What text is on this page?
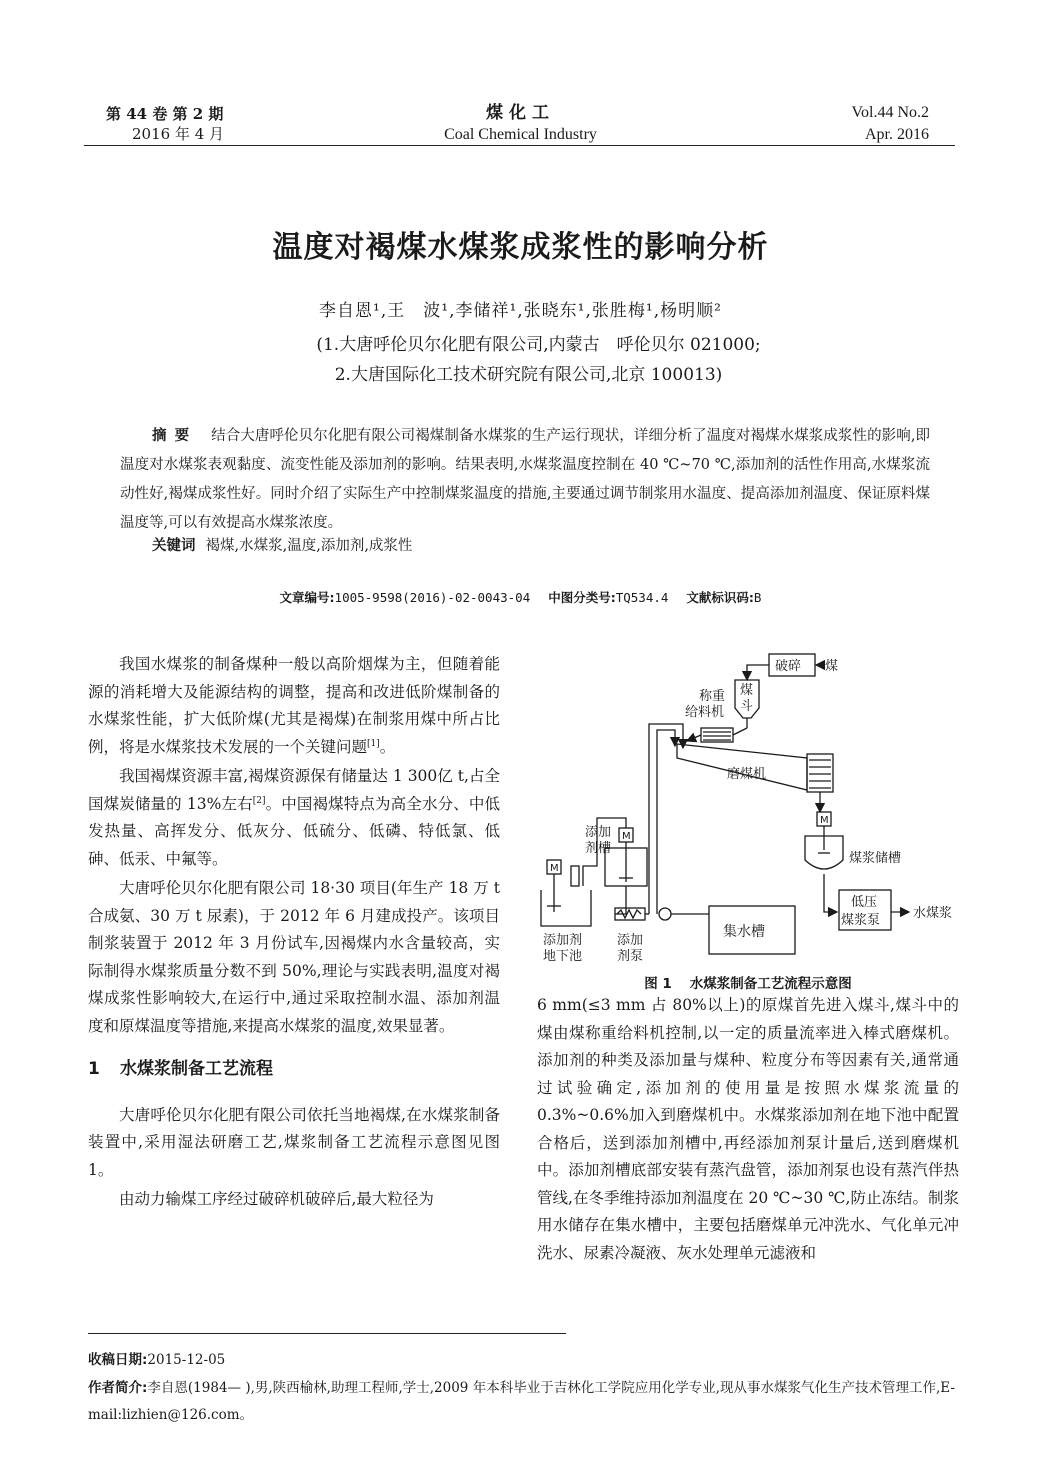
第 44 卷 第 2 期
2016 年 4 月
煤化工
Coal Chemical Industry
Vol.44 No.2
Apr. 2016
温度对褐煤水煤浆成浆性的影响分析
李自恩¹,王　波¹,李储祥¹,张晓东¹,张胜梅¹,杨明顺²
(1.大唐呼伦贝尔化肥有限公司,内蒙古　呼伦贝尔 021000;
2.大唐国际化工技术研究院有限公司,北京 100013)
摘要 结合大唐呼伦贝尔化肥有限公司褐煤制备水煤浆的生产运行现状，详细分析了温度对褐煤水煤浆成浆性的影响,即温度对水煤浆表观黏度、流变性能及添加剂的影响。结果表明,水煤浆温度控制在 40 ℃~70 ℃,添加剂的活性作用高,水煤浆流动性好,褐煤成浆性好。同时介绍了实际生产中控制煤浆温度的措施,主要通过调节制浆用水温度、提高添加剂温度、保证原料煤温度等,可以有效提高水煤浆浓度。
关键词 褐煤,水煤浆,温度,添加剂,成浆性
文章编号:1005-9598(2016)-02-0043-04 中图分类号:TQ534.4 文献标识码:B

我国水煤浆的制备煤种一般以高阶烟煤为主，但随着能源的消耗增大及能源结构的调整，提高和改进低阶煤制备的水煤浆性能，扩大低阶煤(尤其是褐煤)在制浆用煤中所占比例，将是水煤浆技术发展的一个关键问题[1]。

我国褐煤资源丰富,褐煤资源保有储量达 1 300亿 t,占全国煤炭储量的 13%左右[2]。中国褐煤特点为高全水分、中低发热量、高挥发分、低灰分、低硫分、低磷、特低氯、低砷、低汞、中氟等。

大唐呼伦贝尔化肥有限公司 18·30 项目(年生产 18 万 t 合成氨、30 万 t 尿素)，于 2012 年 6 月建成投产。该项目制浆装置于 2012 年 3 月份试车,因褐煤内水含量较高，实际制得水煤浆质量分数不到 50%,理论与实践表明,温度对褐煤成浆性影响较大,在运行中,通过采取控制水温、添加剂温度和原煤温度等措施,来提高水煤浆的温度,效果显著。

1 水煤浆制备工艺流程

大唐呼伦贝尔化肥有限公司依托当地褐煤,在水煤浆制备装置中,采用湿法研磨工艺,煤浆制备工艺流程示意图见图 1。

由动力输煤工序经过破碎机破碎后,最大粒径为

破碎 煤
煤
斗
称重
给料机
磨煤机
M
煤浆储槽
低压
煤浆泵	水煤浆
添加
剂槽
M
M
添加剂
地下池
添加
剂泵
集水槽
图 1 水煤浆制备工艺流程示意图

6 mm(≤3 mm 占 80%以上)的原煤首先进入煤斗,煤斗中的煤由煤称重给料机控制,以一定的质量流率进入棒式磨煤机。添加剂的种类及添加量与煤种、粒度分布等因素有关,通常通过试验确定,添加剂的使用量是按照水煤浆流量的 0.3%~0.6%加入到磨煤机中。水煤浆添加剂在地下池中配置合格后，送到添加剂槽中,再经添加剂泵计量后,送到磨煤机中。添加剂槽底部安装有蒸汽盘管，添加剂泵也设有蒸汽伴热管线,在冬季维持添加剂温度在 20 ℃~30 ℃,防止冻结。制浆用水储存在集水槽中，主要包括磨煤单元冲洗水、气化单元冲洗水、尿素冷凝液、灰水处理单元滤液和

收稿日期:2015-12-05
作者简介:李自恩(1984— ),男,陕西榆林,助理工程师,学士,2009 年本科毕业于吉林化工学院应用化学专业,现从事水煤浆气化生产技术管理工作,E-mail:lizhien@126.com。
